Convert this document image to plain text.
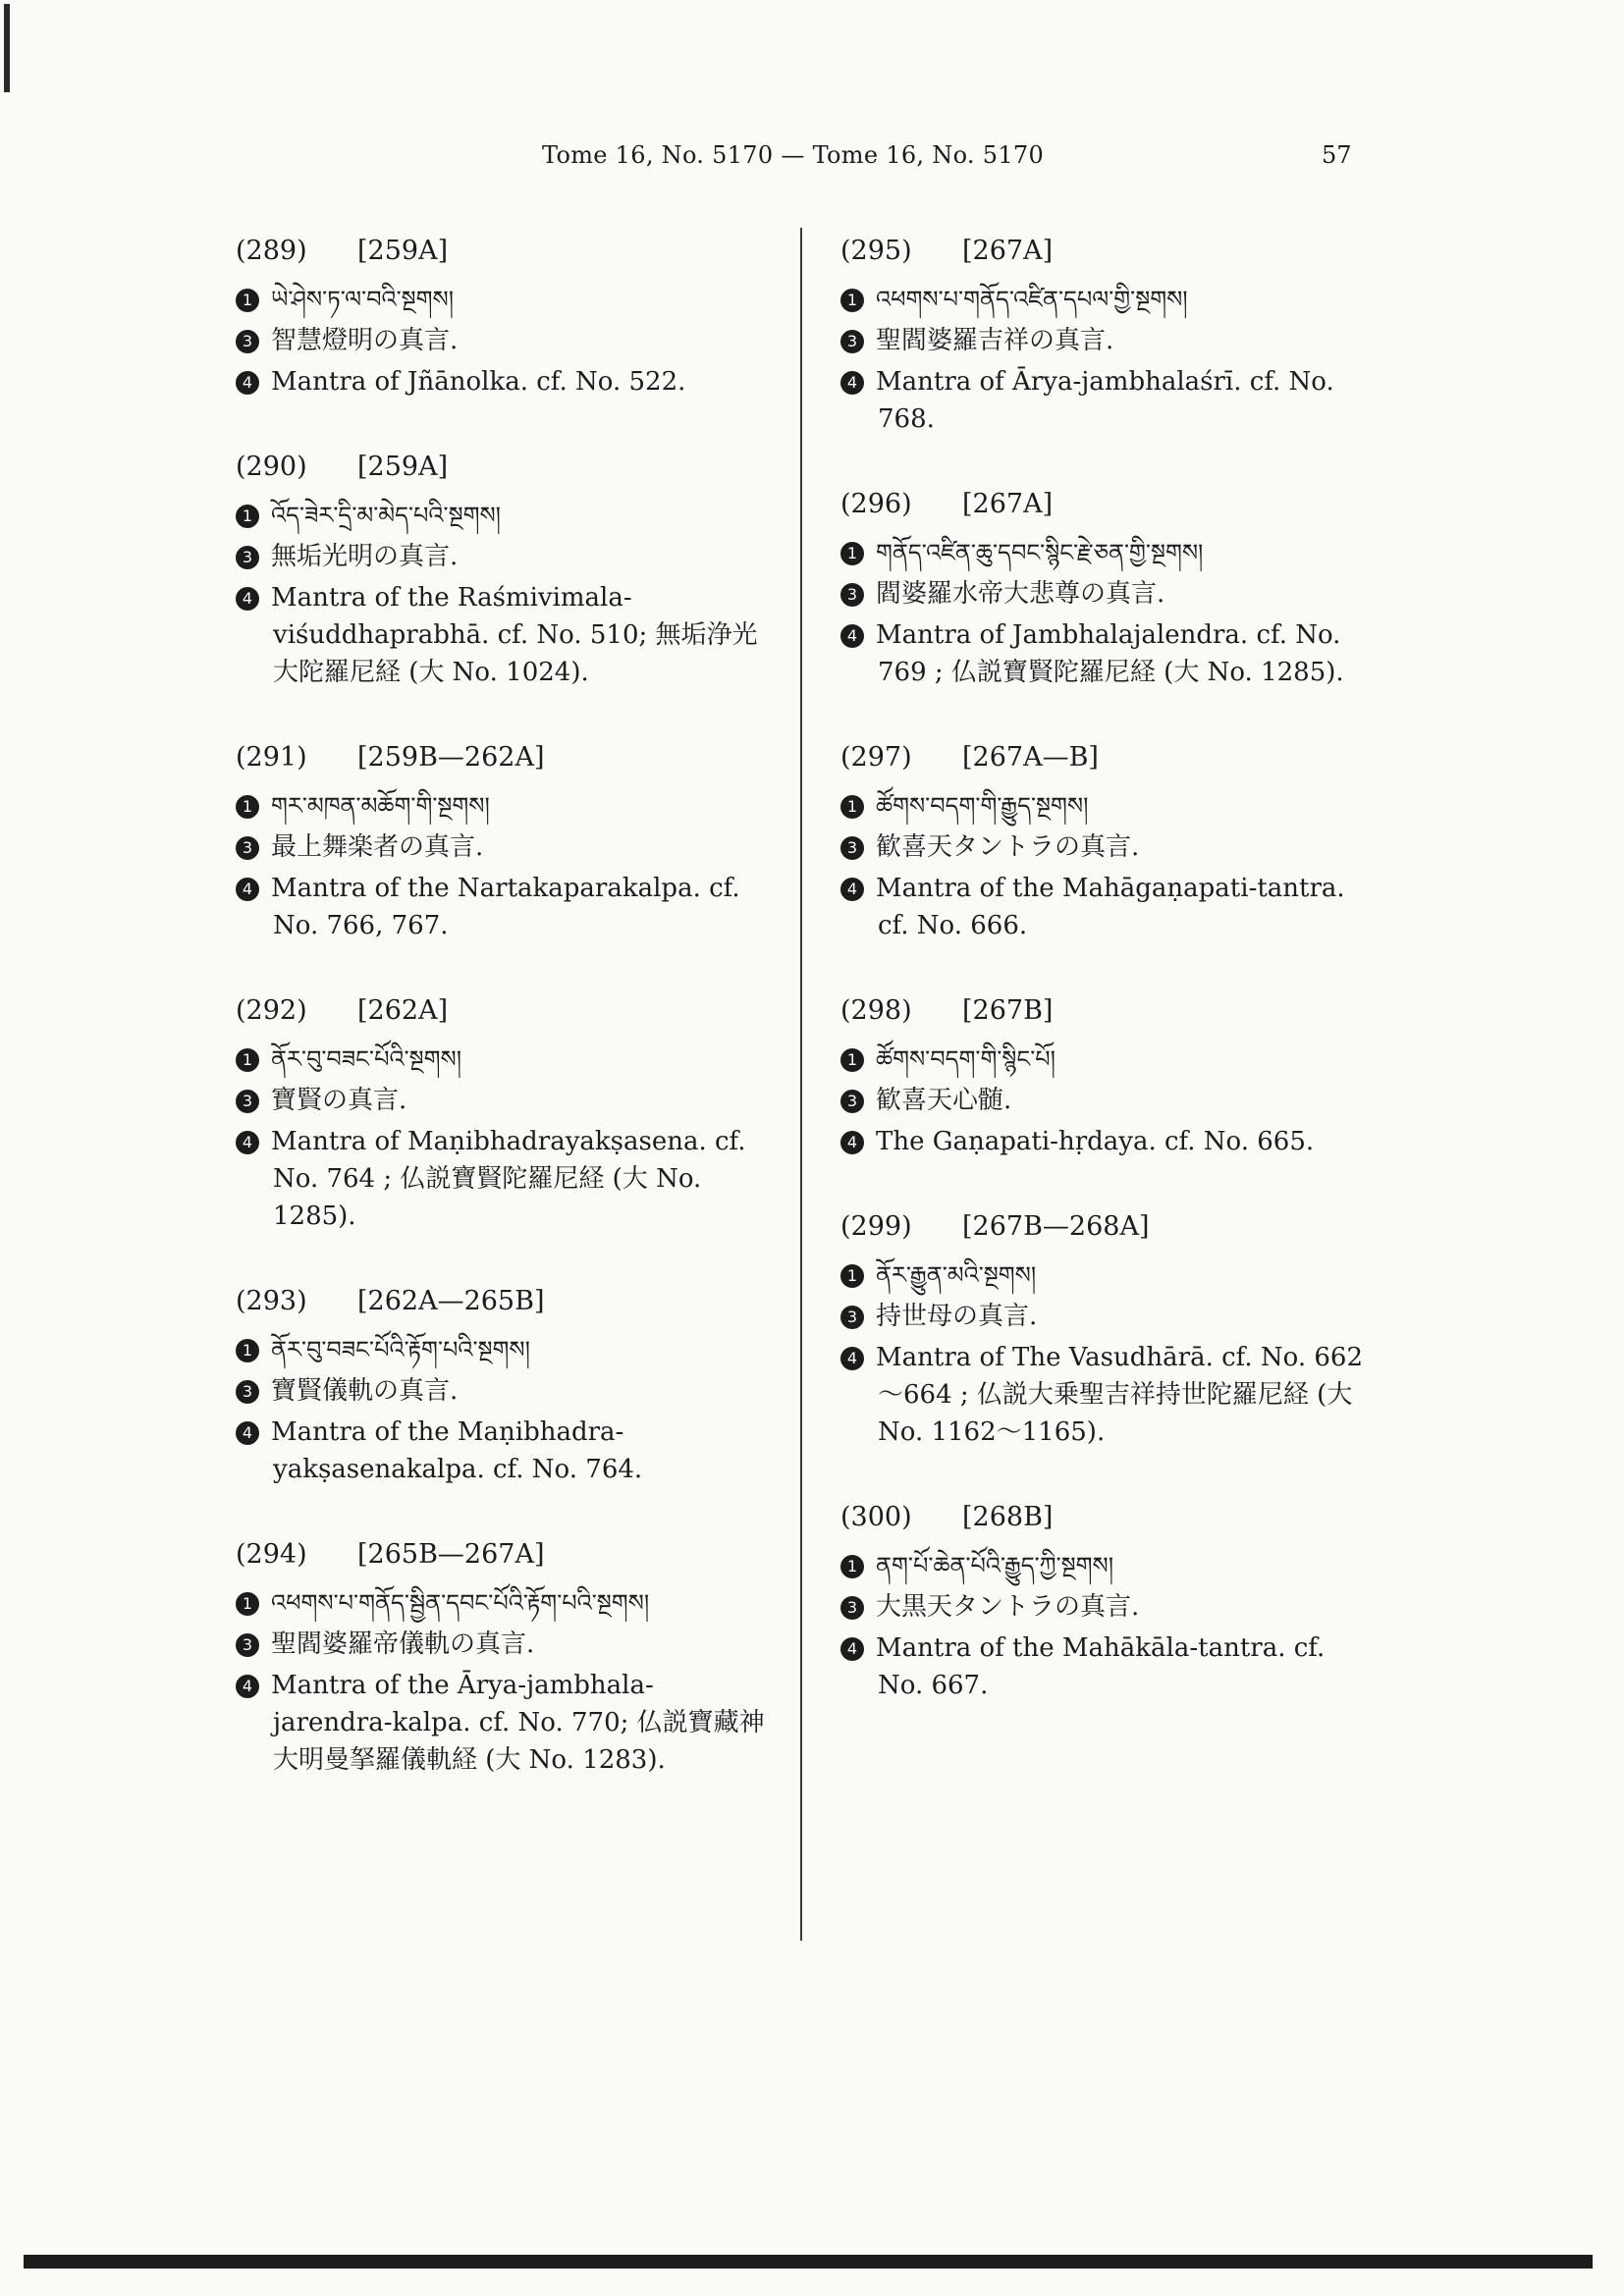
Tome 16, No. 5170 — Tome 16, No. 5170	57
(289) [259A]
1 ཡེ་ཤེས་ཏ་ལ་བའི་སྔགས།
3 智慧燈明の真言.
4 Mantra of Jñānolka. cf. No. 522.
(290) [259A]
1 འོད་ཟེར་དྲི་མ་མེད་པའི་སྔགས།
3 無垢光明の真言.
4 Mantra of the Raśmivimala-viśuddhaprabhā. cf. No. 510; 無垢浄光大陀羅尼経 (大 No. 1024).
(291) [259B—262A]
1 གར་མཁན་མཆོག་གི་སྔགས།
3 最上舞楽者の真言.
4 Mantra of the Nartakaparakalpa. cf. No. 766, 767.
(292) [262A]
1 ནོར་བུ་བཟང་པོའི་སྔགས།
3 寶賢の真言.
4 Mantra of Maṇibhadrayakṣasena. cf. No. 764 ; 仏説寶賢陀羅尼経 (大 No. 1285).
(293) [262A—265B]
1 ནོར་བུ་བཟང་པོའི་རྟོག་པའི་སྔགས།
3 寶賢儀軌の真言.
4 Mantra of the Maṇibhadra-yakṣasenakalpa. cf. No. 764.
(294) [265B—267A]
1 འཕགས་པ་གནོད་སྦྱིན་དབང་པོའི་རྟོག་པའི་སྔགས།
3 聖閻婆羅帝儀軌の真言.
4 Mantra of the Ārya-jambhala-jarendra-kalpa. cf. No. 770; 仏説寶藏神大明曼拏羅儀軌経 (大 No. 1283).
(295) [267A]
1 འཕགས་པ་གནོད་འཛིན་དཔལ་གྱི་སྔགས།
3 聖閻婆羅吉祥の真言.
4 Mantra of Ārya-jambhalaśrī. cf. No. 768.
(296) [267A]
1 གནོད་འཛིན་ཆུ་དབང་སྙིང་རྗེ་ཅན་གྱི་སྔགས།
3 閻婆羅水帝大悲尊の真言.
4 Mantra of Jambhalajalendra. cf. No. 769 ; 仏説寶賢陀羅尼経 (大 No. 1285).
(297) [267A—B]
1 ཚོགས་བདག་གི་རྒྱུད་སྔགས།
3 歓喜天タントラの真言.
4 Mantra of the Mahāgaṇapati-tantra. cf. No. 666.
(298) [267B]
1 ཚོགས་བདག་གི་སྙིང་པོ།
3 歓喜天心髄.
4 The Gaṇapati-hṛdaya. cf. No. 665.
(299) [267B—268A]
1 ནོར་རྒྱུན་མའི་སྔགས།
3 持世母の真言.
4 Mantra of The Vasudhārā. cf. No. 662～664 ; 仏説大乗聖吉祥持世陀羅尼経 (大 No. 1162～1165).
(300) [268B]
1 ནག་པོ་ཆེན་པོའི་རྒྱུད་ཀྱི་སྔགས།
3 大黒天タントラの真言.
4 Mantra of the Mahākāla-tantra. cf. No. 667.
